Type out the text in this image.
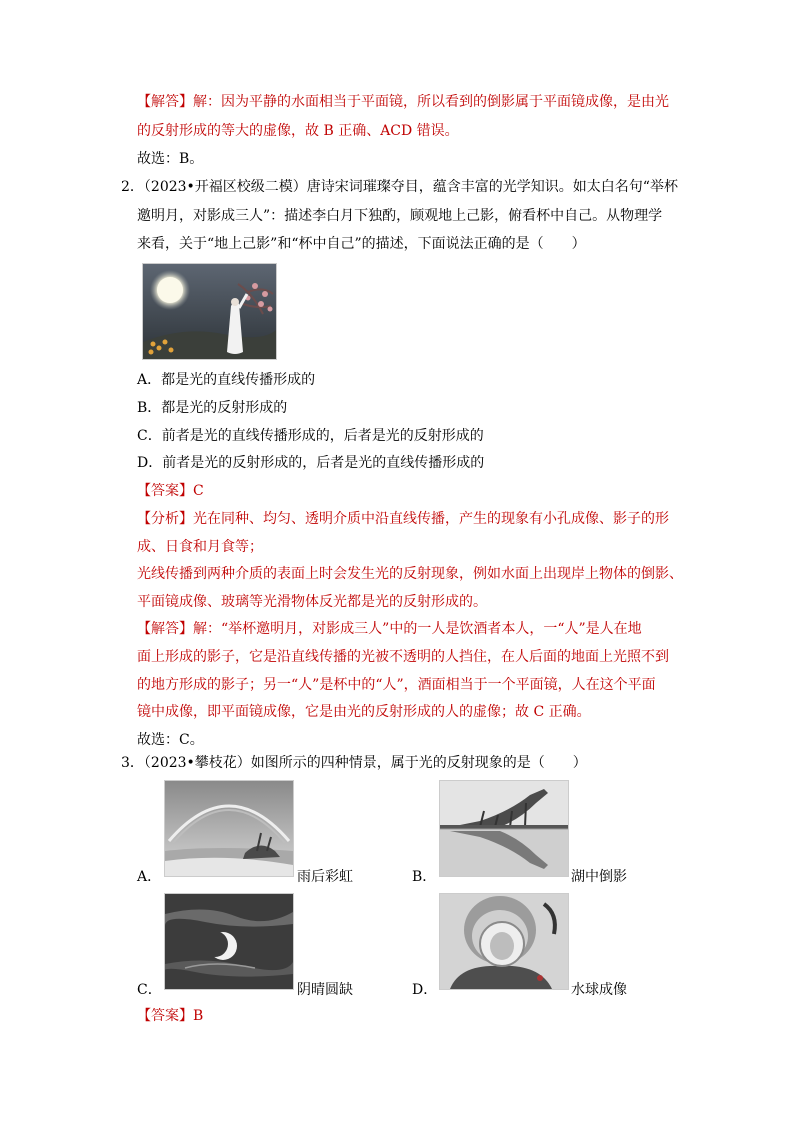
【解答】解：因为平静的水面相当于平面镜，所以看到的倒影属于平面镜成像，是由光
的反射形成的等大的虚像，故 B 正确、ACD 错误。
故选：B。
2．（2023•开福区校级二模）唐诗宋词璀璨夺目，蕴含丰富的光学知识。如太白名句“举杯
邀明月，对影成三人”：描述李白月下独酌，顾观地上己影，俯看杯中自己。从物理学
来看，关于“地上己影”和“杯中自己”的描述，下面说法正确的是（　　）
A．都是光的直线传播形成的
B．都是光的反射形成的
C．前者是光的直线传播形成的，后者是光的反射形成的
D．前者是光的反射形成的，后者是光的直线传播形成的
【答案】C
【分析】光在同种、均匀、透明介质中沿直线传播，产生的现象有小孔成像、影子的形
成、日食和月食等；
光线传播到两种介质的表面上时会发生光的反射现象，例如水面上出现岸上物体的倒影、
平面镜成像、玻璃等光滑物体反光都是光的反射形成的。
【解答】解：“举杯邀明月，对影成三人”中的一人是饮酒者本人，一“人”是人在地
面上形成的影子，它是沿直线传播的光被不透明的人挡住，在人后面的地面上光照不到
的地方形成的影子；另一“人”是杯中的“人”，酒面相当于一个平面镜，人在这个平面
镜中成像，即平面镜成像，它是由光的反射形成的人的虚像；故 C 正确。
故选：C。
3．（2023•攀枝花）如图所示的四种情景，属于光的反射现象的是（　　）
A．	雨后彩虹	B．	湖中倒影
C．	阴晴圆缺	D．	水球成像
【答案】B
